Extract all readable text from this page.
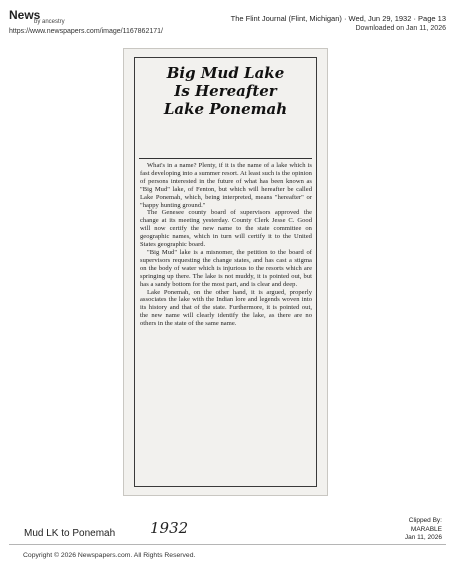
News
by ancestry
https://www.newspapers.com/image/1167862171/
The Flint Journal (Flint, Michigan) · Wed, Jun 29, 1932 · Page 13
Downloaded on Jan 11, 2026
Big Mud Lake
Is Hereafter
Lake Ponemah

What's in a name? Plenty, if it is the name of a lake which is fast developing into a summer resort. At least such is the opinion of persons interested in the future of what has been known as "Big Mud" lake, of Fenton, but which will hereafter be called Lake Ponemah, which, being interpreted, means "hereafter" or "happy hunting ground."

The Genesee county board of supervisors approved the change at its meeting yesterday. County Clerk Jesse C. Good will now certify the new name to the state committee on geographic names, which in turn will certify it to the United States geographic board.

"Big Mud" lake is a misnomer, the petition to the board of supervisors requesting the change states, and has cast a stigma on the body of water which is injurious to the resorts which are springing up there. The lake is not muddy, it is pointed out, but has a sandy bottom for the most part, and is clear and deep.

Lake Ponemah, on the other hand, it is argued, properly associates the lake with the Indian lore and legends woven into its history and that of the state. Furthermore, it is pointed out, the new name will clearly identify the lake, as there are no others in the state of the same name.

Mud LK to Ponemah 1932	Clipped By:
MARABLE
Jan 11, 2026
Copyright © 2026 Newspapers.com. All Rights Reserved.
